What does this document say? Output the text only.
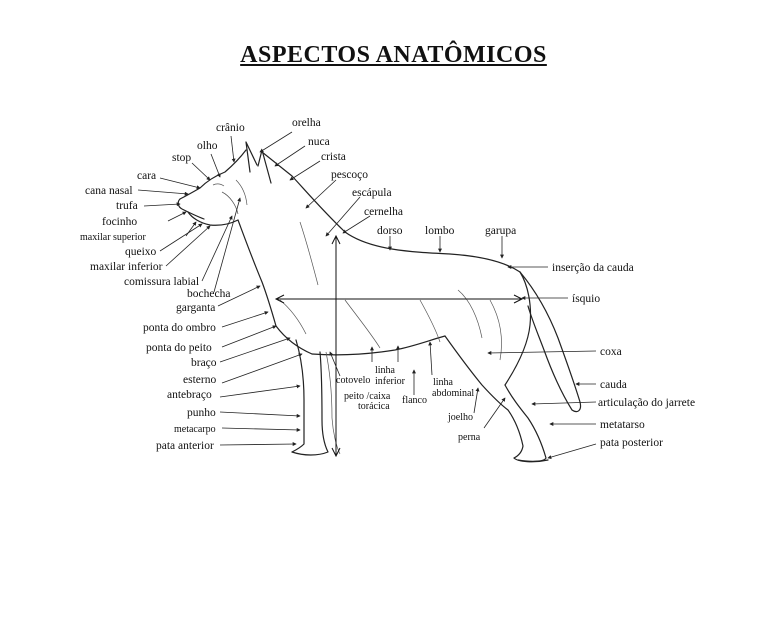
ASPECTOS ANATÔMICOS
crânio	orelha
olho	nuca
stop	crista
cara	pescoço
cana nasal	escápula
trufa	cernelha
focinho
dorso lombo	garupa
maxilar superior
queixo
inserção da cauda
maxilar inferior
comissura labial
bochecha	ísquio
garganta
ponta do ombro
ponta do peito	coxa
braço
linha
inferior
esterno	cotovelo	linha
abdominal
cauda
antebraço	peito /caixa
torácica
flanco	articulação do jarrete
punho	joelho
metatarso
metacarpo
perna
pata anterior	pata posterior
